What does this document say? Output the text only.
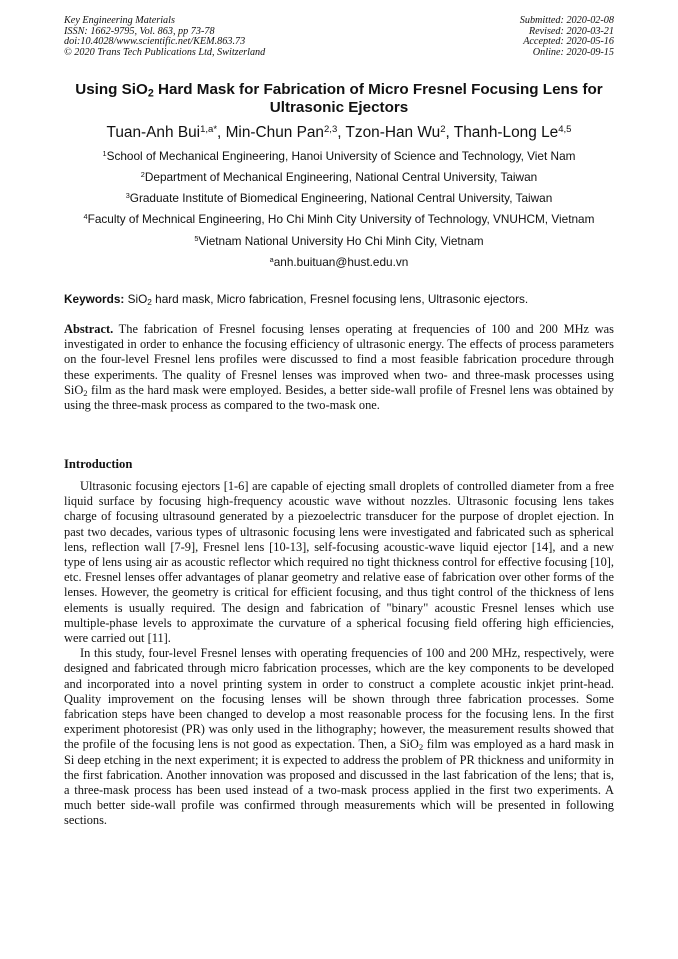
Key Engineering Materials
ISSN: 1662-9795, Vol. 863, pp 73-78
doi:10.4028/www.scientific.net/KEM.863.73
© 2020 Trans Tech Publications Ltd, Switzerland
Submitted: 2020-02-08
Revised: 2020-03-21
Accepted: 2020-05-16
Online: 2020-09-15
Using SiO$_2$ Hard Mask for Fabrication of Micro Fresnel Focusing Lens for Ultrasonic Ejectors
Tuan-Anh Bui$^{1,a*}$, Min-Chun Pan$^{2,3}$, Tzon-Han Wu$^2$, Thanh-Long Le$^{4,5}$
$^1$School of Mechanical Engineering, Hanoi University of Science and Technology, Viet Nam
$^2$Department of Mechanical Engineering, National Central University, Taiwan
$^3$Graduate Institute of Biomedical Engineering, National Central University, Taiwan
$^4$Faculty of Mechnical Engineering, Ho Chi Minh City University of Technology, VNUHCM, Vietnam
$^5$Vietnam National University Ho Chi Minh City, Vietnam
$^a$anh.buituan@hust.edu.vn
Keywords: SiO$_2$ hard mask, Micro fabrication, Fresnel focusing lens, Ultrasonic ejectors.
Abstract. The fabrication of Fresnel focusing lenses operating at frequencies of 100 and 200 MHz was investigated in order to enhance the focusing efficiency of ultrasonic energy. The effects of process parameters on the four-level Fresnel lens profiles were discussed to find a most feasible fabrication procedure through these experiments. The quality of Fresnel lenses was improved when two- and three-mask processes using SiO$_2$ film as the hard mask were employed. Besides, a better side-wall profile of Fresnel lens was obtained by using the three-mask process as compared to the two-mask one.
Introduction

Ultrasonic focusing ejectors [1-6] are capable of ejecting small droplets of controlled diameter from a free liquid surface by focusing high-frequency acoustic wave without nozzles. Ultrasonic focusing lens takes charge of focusing ultrasound generated by a piezoelectric transducer for the purpose of droplet ejection. In past two decades, various types of ultrasonic focusing lens were investigated and fabricated such as spherical lens, reflection wall [7-9], Fresnel lens [10-13], self-focusing acoustic-wave liquid ejector [14], and a new type of lens using air as acoustic reflector which required no tight thickness control for effective focusing [10], etc. Fresnel lenses offer advantages of planar geometry and relative ease of fabrication over other forms of the lenses. However, the geometry is critical for efficient focusing, and thus tight control of the thickness of lens elements is usually required. The design and fabrication of "binary" acoustic Fresnel lenses which use multiple-phase levels to approximate the curvature of a spherical focusing field offering high efficiencies, were carried out [11].

In this study, four-level Fresnel lenses with operating frequencies of 100 and 200 MHz, respectively, were designed and fabricated through micro fabrication processes, which are the key components to be developed and incorporated into a novel printing system in order to construct a complete acoustic inkjet print-head. Quality improvement on the focusing lenses will be shown through three fabrication processes. Some fabrication steps have been changed to develop a most reasonable process for the focusing lens. In the first experiment photoresist (PR) was only used in the lithography; however, the measurement results showed that the profile of the focusing lens is not good as expectation. Then, a SiO$_2$ film was employed as a hard mask in Si deep etching in the next experiment; it is expected to address the problem of PR thickness and uniformity in the first fabrication. Another innovation was proposed and discussed in the last fabrication of the lens; that is, a three-mask process has been used instead of a two-mask process applied in the first two experiments. A much better side-wall profile was confirmed through measurements which will be presented in following sections.
